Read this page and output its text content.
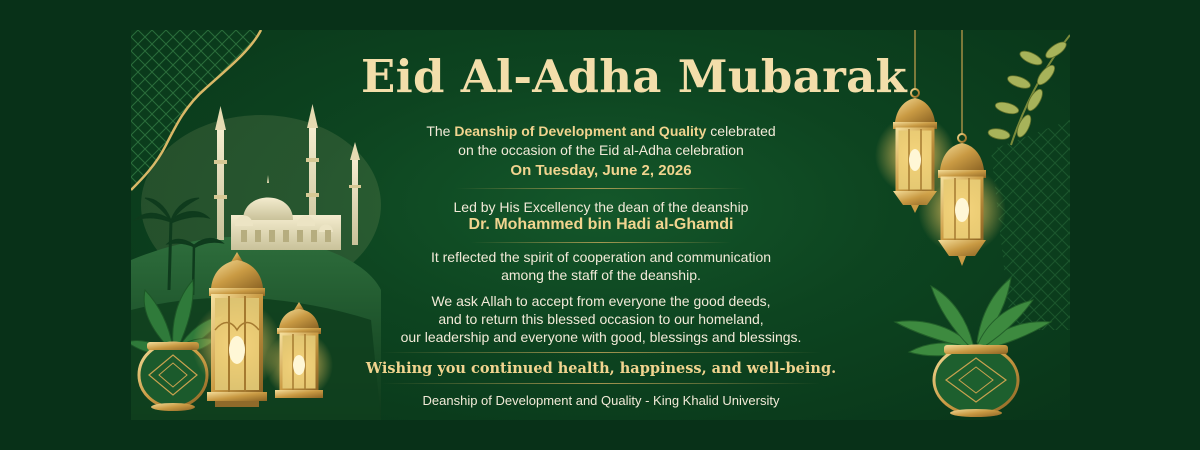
Eid Al-Adha Mubarak

The Deanship of Development and Quality celebrated

on the occasion of the Eid al-Adha celebration

On Tuesday, June 2, 2026

Led by His Excellency the dean of the deanship

Dr. Mohammed bin Hadi al-Ghamdi

It reflected the spirit of cooperation and communication

among the staff of the deanship.

We ask Allah to accept from everyone the good deeds,

and to return this blessed occasion to our homeland,

our leadership and everyone with good, blessings and blessings.

Wishing you continued health, happiness, and well-being.

Deanship of Development and Quality - King Khalid University
